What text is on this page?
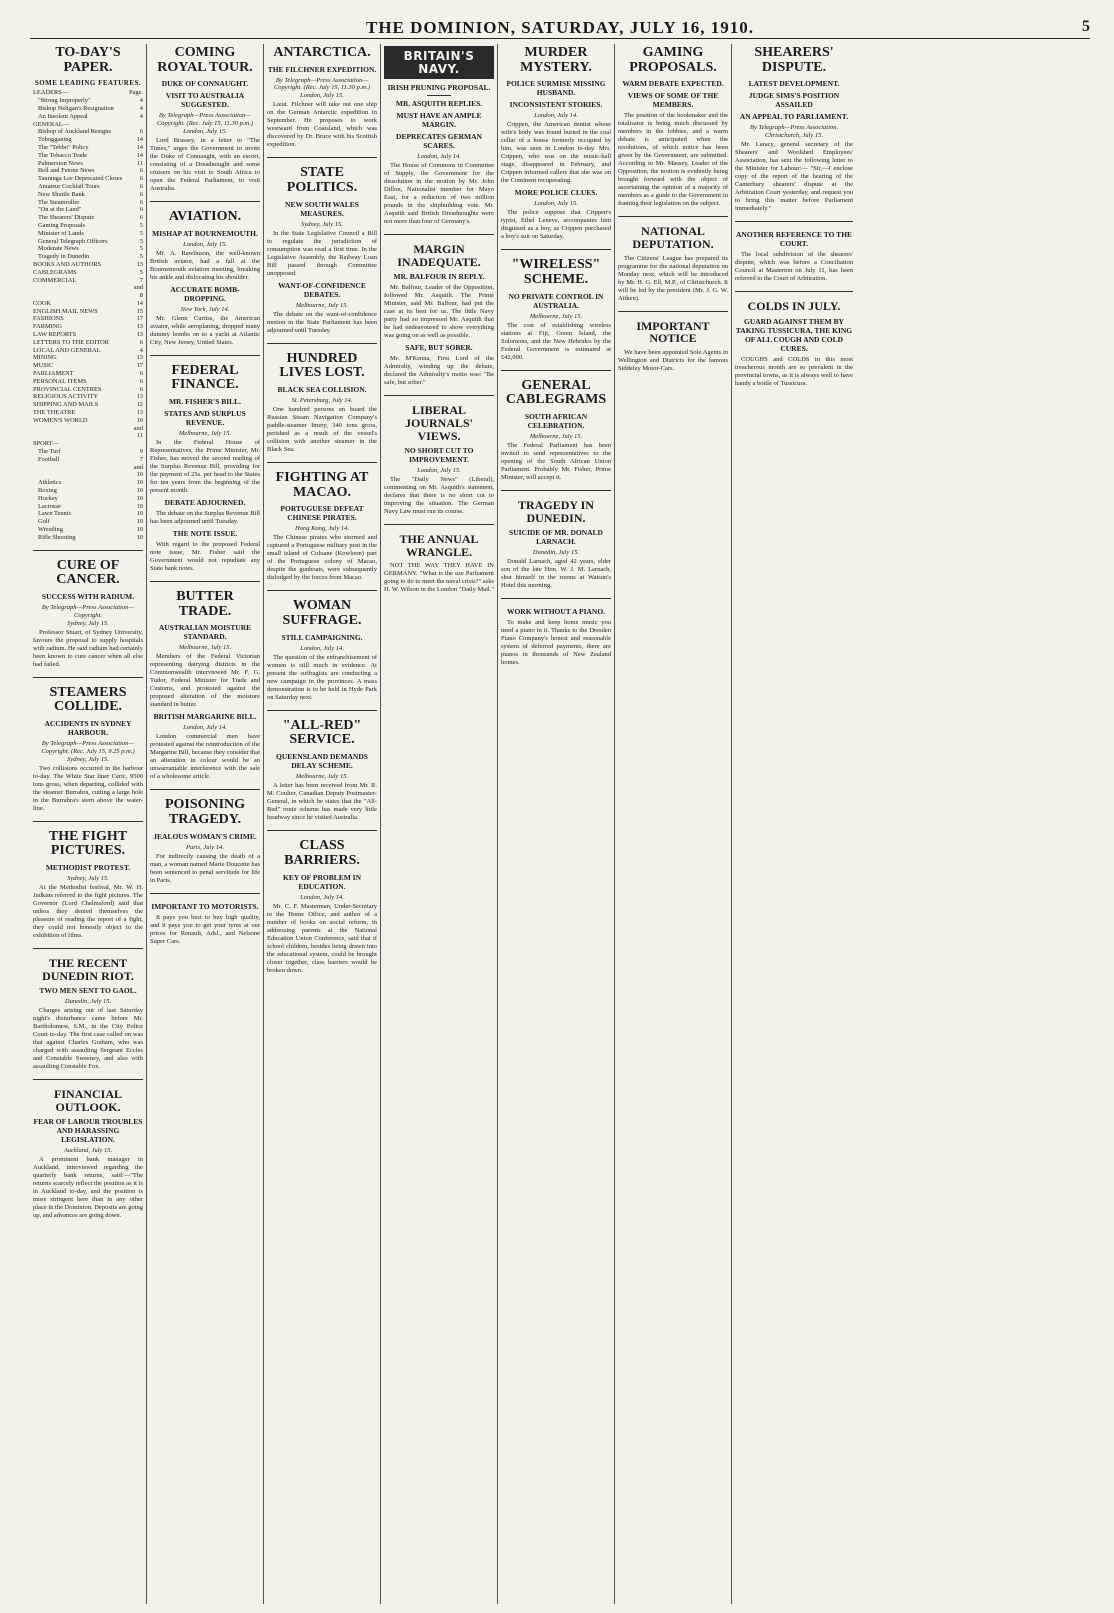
THE DOMINION, SATURDAY, JULY 16, 1910.	5
TO-DAY'S PAPER.
SOME LEADING FEATURES.
LEADERS—	Page.
"Strong Improperly"	4
Bishop Neligan's Resignation	4
An Insolent Appeal	4
GENERAL—
Bishop of Auckland Resigns	6
Tobogganing	14
The "Tebbo" Policy	14
The Tobacco Trade	14
Palmerston News	11
Bell and Fetone News	6
Tauranga Lee Deprecated Closes	6
Amateur Cocktail Tours	6
New Shuttle Bank	6
The Steamroller	6
"On at the Land"	6
The Shearers' Dispute	6
Gaming Proposals	5
Minister of Lands	5
General Telegraph Officers	5
Moderate News	5
Tragedy in Dunedin	5
BOOKS AND AUTHORS	13
CABLEGRAMS	5
COMMERCIAL	7 and 8
COOK	14
ENGLISH MAIL NEWS	15
FASHIONS	17
FARMING	13
LAW REPORTS	13
LETTERS TO THE EDITOR	6
LOCAL AND GENERAL	4
MINING	13
MUSIC	17
PARLIAMENT	6
PERSONAL ITEMS	6
PROVINCIAL CENTRES	6
RELIGIOUS ACTIVITY	13
SHIPPING AND MAILS	12
THE THEATRE	13
WOMEN'S WORLD	10 and 11
SPORT—
The Turf	9
Football	7 and 10
Athletics	10
Boxing	10
Hockey	10
Lacrosse	10
Lawn Tennis	10
Golf	10
Wrestling	10
Rifle Shooting	10
CURE OF CANCER.
SUCCESS WITH RADIUM.
By Telegraph—Press Association—Copyright.
Sydney, July 15.

Professor Stuart, of Sydney University, favours the proposal to supply hospitals with radium. He said radium had certainly been known to cure cancer when all else had failed.

STEAMERS COLLIDE.
ACCIDENTS IN SYDNEY HARBOUR.
By Telegraph—Press Association—Copyright. (Rec. July 15, 9.25 p.m.)
Sydney, July 15.

Two collisions occurred in the harbour to-day. The White Star liner Ceric, 9500 tons gross, when departing, collided with the steamer Burrabra, cutting a large hole in the Burrabra's stern above the water-line.

THE FIGHT PICTURES.
METHODIST PROTEST.
Sydney, July 15.

At the Methodist festival, Mr. W. H. Judkins referred to the fight pictures. The Governor (Lord Chelmsford) said that unless they denied themselves the pleasure of reading the report of a fight, they could not honestly object to the exhibition of films.

THE RECENT DUNEDIN RIOT.
TWO MEN SENT TO GAOL.
Dunedin, July 15.

Charges arising out of last Saturday night's disturbance came before Mr. Bartholomew, S.M., in the City Police Court to-day. The first case called on was that against Charles Graham, who was charged with assaulting Sergeant Eccles and Constable Sweeney, and also with assaulting Constable Fox.

FINANCIAL OUTLOOK.
FEAR OF LABOUR TROUBLES AND HARASSING LEGISLATION.
Auckland, July 15.

A prominent bank manager in Auckland, interviewed regarding the quarterly bank returns, said:—"The returns scarcely reflect the position as it is in Auckland to-day, and the position is more stringent here than in any other place in the Dominion. Deposits are going up, and advances are going down.

COMING ROYAL TOUR.
DUKE OF CONNAUGHT.
VISIT TO AUSTRALIA SUGGESTED.
By Telegraph—Press Association—Copyright. (Rec. July 15, 11.30 p.m.)
London, July 15.

Lord Brassey, in a letter to "The Times," urges the Government to invite the Duke of Connaught, with an escort, consisting of a Dreadnought and some cruisers on his visit to South Africa to open the Federal Parliament, to visit Australia.

AVIATION.
MISHAP AT BOURNEMOUTH.
London, July 15.

Mr. A. Rawlinson, the well-known British aviator, had a fall at the Bournemouth aviation meeting, breaking his ankle and dislocating his shoulder.

ACCURATE BOMB-DROPPING.
New York, July 14.

Mr. Glenn Curtiss, the American aviator, while aeroplaning, dropped many dummy bombs on to a yacht at Atlantic City, New Jersey, United States.

FEDERAL FINANCE.
MR. FISHER'S BILL.
STATES AND SURPLUS REVENUE.
Melbourne, July 15.

In the Federal House of Representatives, the Prime Minister, Mr. Fisher, has moved the second reading of the Surplus Revenue Bill, providing for the payment of 25s. per head to the States for ten years from the beginning of the present month.

DEBATE ADJOURNED.

The debate on the Surplus Revenue Bill has been adjourned until Tuesday.

THE NOTE ISSUE.

With regard to the proposed Federal note issue, Mr. Fisher said the Government would not repudiate any State bank notes.

BUTTER TRADE.
AUSTRALIAN MOISTURE STANDARD.
Melbourne, July 15.

Members of the Federal Victorian representing dairying districts in the Commonwealth interviewed Mr. F. G. Tudor, Federal Minister for Trade and Customs, and protested against the proposed alteration of the moisture standard in butter.

BRITISH MARGARINE BILL.
London, July 14.

London commercial men have protested against the reintroduction of the Margarine Bill, because they consider that an alteration in colour would be an unwarrantable interference with the sale of a wholesome article.

POISONING TRAGEDY.
JEALOUS WOMAN'S CRIME.
Paris, July 14.

For indirectly causing the death of a man, a woman named Marie Doucette has been sentenced to penal servitude for life in Paris.

IMPORTANT TO MOTORISTS.

It pays you best to buy high quality, and it pays you to get your tyres at our prices for Renault, Adsl., and Nelsone Super Cars.

ANTARCTICA.
THE FILCHNER EXPEDITION.
By Telegraph—Press Association—Copyright. (Rec. July 15, 11.30 p.m.)
London, July 15.

Lieut. Filchner will take out one ship on the German Antarctic expedition in September. He proposes to work westward from Coatsland, which was discovered by Dr. Bruce with his Scottish expedition.

STATE POLITICS.
NEW SOUTH WALES MEASURES.
Sydney, July 15.

In the State Legislative Council a Bill to regulate the jurisdiction of consumption was read a first time. In the Legislative Assembly, the Railway Loan Bill passed through Committee unopposed.

WANT-OF-CONFIDENCE DEBATES.
Melbourne, July 15.

The debate on the want-of-confidence motion in the State Parliament has been adjourned until Tuesday.

HUNDRED LIVES LOST.
BLACK SEA COLLISION.
St. Petersburg, July 14.

One hundred persons on board the Russian Steam Navigation Company's paddle-steamer Imery, 340 tons gross, perished as a result of the vessel's collision with another steamer in the Black Sea.

FIGHTING AT MACAO.
PORTUGUESE DEFEAT CHINESE PIRATES.
Hong Kong, July 14.

The Chinese pirates who stormed and captured a Portuguese military post in the small island of Coloane (Kowloon) part of the Portuguese colony of Macao, despite the gunboats, were subsequently dislodged by the forces from Macao.

WOMAN SUFFRAGE.
STILL CAMPAIGNING.
London, July 14.

The question of the enfranchisement of women is still much in evidence. At present the suffragists are conducting a new campaign in the provinces. A mass demonstration is to be held in Hyde Park on Saturday next.

"ALL-RED" SERVICE.
QUEENSLAND DEMANDS DELAY SCHEME.
Melbourne, July 15.

A letter has been received from Mr. R. M. Coulter, Canadian Deputy Postmaster-General, in which he states that the "All-Red" route scheme has made very little headway since he visited Australia.

CLASS BARRIERS.
KEY OF PROBLEM IN EDUCATION.
London, July 14.

Mr. C. F. Masterman, Under-Secretary to the Home Office, and author of a number of books on social reform, in addressing parents at the National Education Union Conference, said that if school children, besides being drawn into the educational system, could be brought closer together, class barriers would be broken down.

BRITAIN'S NAVY.
IRISH PRUNING PROPOSAL.
MR. ASQUITH REPLIES.
MUST HAVE AN AMPLE MARGIN.
DEPRECATES GERMAN SCARES.
London, July 14.

The House of Commons in Committee of Supply, the Government for the dissolution in the motion by Mr. John Dillon, Nationalist member for Mayo East, for a reduction of two million pounds in the shipbuilding vote. Mr. Asquith said British Dreadnoughts were not more than four of Germany's.

MARGIN INADEQUATE.
MR. BALFOUR IN REPLY.

Mr. Balfour, Leader of the Opposition, followed Mr. Asquith. The Prime Minister, said Mr. Balfour, had put the case at its best for us. The little Navy party had so impressed Mr. Asquith that he had endeavoured to show everything was going on as well as possible.

SAFE, BUT SOBER.

Mr. M'Kenna, First Lord of the Admiralty, winding up the debate, declared the Admiralty's motto was: "Be safe, but sober."

LIBERAL JOURNALS' VIEWS.
NO SHORT CUT TO IMPROVEMENT.
London, July 15.

The "Daily News" (Liberal), commenting on Mr. Asquith's statement, declares that there is no short cut to improving the situation. The German Navy Law must run its course.

THE ANNUAL WRANGLE.

NOT THE WAY THEY HAVE IN GERMANY. "What is the use Parliament going to do to meet the naval crisis?" asks H. W. Wilson in the London "Daily Mail."

MURDER MYSTERY.
POLICE SURMISE MISSING HUSBAND.
INCONSISTENT STORIES.
London, July 14.

Crippen, the American dentist whose wife's body was found buried in the coal cellar of a house formerly occupied by him, was seen in London to-day. Mrs. Crippen, who was on the music-hall stage, disappeared in February, and Crippen informed callers that she was on the Continent recuperating.

MORE POLICE CLUES.
London, July 15.

The police suppose that Crippen's typist, Ethel Leneve, accompanies him disguised as a boy, as Crippen purchased a boy's suit on Saturday.

"WIRELESS" SCHEME.
NO PRIVATE CONTROL IN AUSTRALIA.
Melbourne, July 15.

The cost of establishing wireless stations at Fiji, Green Island, the Solomons, and the New Hebrides by the Federal Government is estimated at £42,000.

GENERAL CABLEGRAMS
SOUTH AFRICAN CELEBRATION.
Melbourne, July 15.

The Federal Parliament has been invited to send representatives to the opening of the South African Union Parliament. Probably Mr. Fisher, Prime Minister, will accept it.

TRAGEDY IN DUNEDIN.
SUICIDE OF MR. DONALD LARNACH.
Dunedin, July 15.

Donald Larnach, aged 42 years, elder son of the late Hon. W. J. M. Larnach, shot himself in the rooms at Watson's Hotel this morning.

WORK WITHOUT A PIANO.

To make and keep home music you need a piano in it. Thanks to the Dresden Piano Company's honest and reasonable system of deferred payments, there are pianos in thousands of New Zealand homes.

GAMING PROPOSALS.
WARM DEBATE EXPECTED.
VIEWS OF SOME OF THE MEMBERS.

The position of the bookmaker and the totalisator is being much discussed by members in the lobbies, and a warm debate is anticipated when the resolutions, of which notice has been given by the Government, are submitted. According to Mr. Massey, Leader of the Opposition, the motion is evidently being brought forward with the object of ascertaining the opinion of a majority of members as a guide to the Government in framing their legislation on the subject.

NATIONAL DEPUTATION.

The Citizens' League has prepared its programme for the national deputation on Monday next, which will be introduced by Mr. H. G. Ell, M.P., of Christchurch. It will be led by the president (Mr. J. G. W. Aitken).

IMPORTANT NOTICE

We have been appointed Sole Agents in Wellington and Districts for the famous Siddeley Motor-Cars.

SHEARERS' DISPUTE.
LATEST DEVELOPMENT.
JUDGE SIMS'S POSITION ASSAILED
AN APPEAL TO PARLIAMENT.
By Telegraph—Press Association.
Christchurch, July 15.

Mr. Laracy, general secretary of the Shearers' and Woolshed Employees' Association, has sent the following letter to the Minister for Labour:— "Sir,—I enclose copy of the report of the hearing of the Canterbury shearers' dispute at the Arbitration Court yesterday, and request you to bring this matter before Parliament immediately."

ANOTHER REFERENCE TO THE COURT.

The local subdivision of the shearers' dispute, which was before a Conciliation Council at Masterton on July 11, has been referred to the Court of Arbitration.

COLDS IN JULY.
GUARD AGAINST THEM BY TAKING TUSSICURA, THE KING OF ALL COUGH AND COLD CURES.

COUGHS and COLDS in this most treacherous month are so prevalent in the provincial towns, as it is always well to have handy a bottle of Tussicura.
